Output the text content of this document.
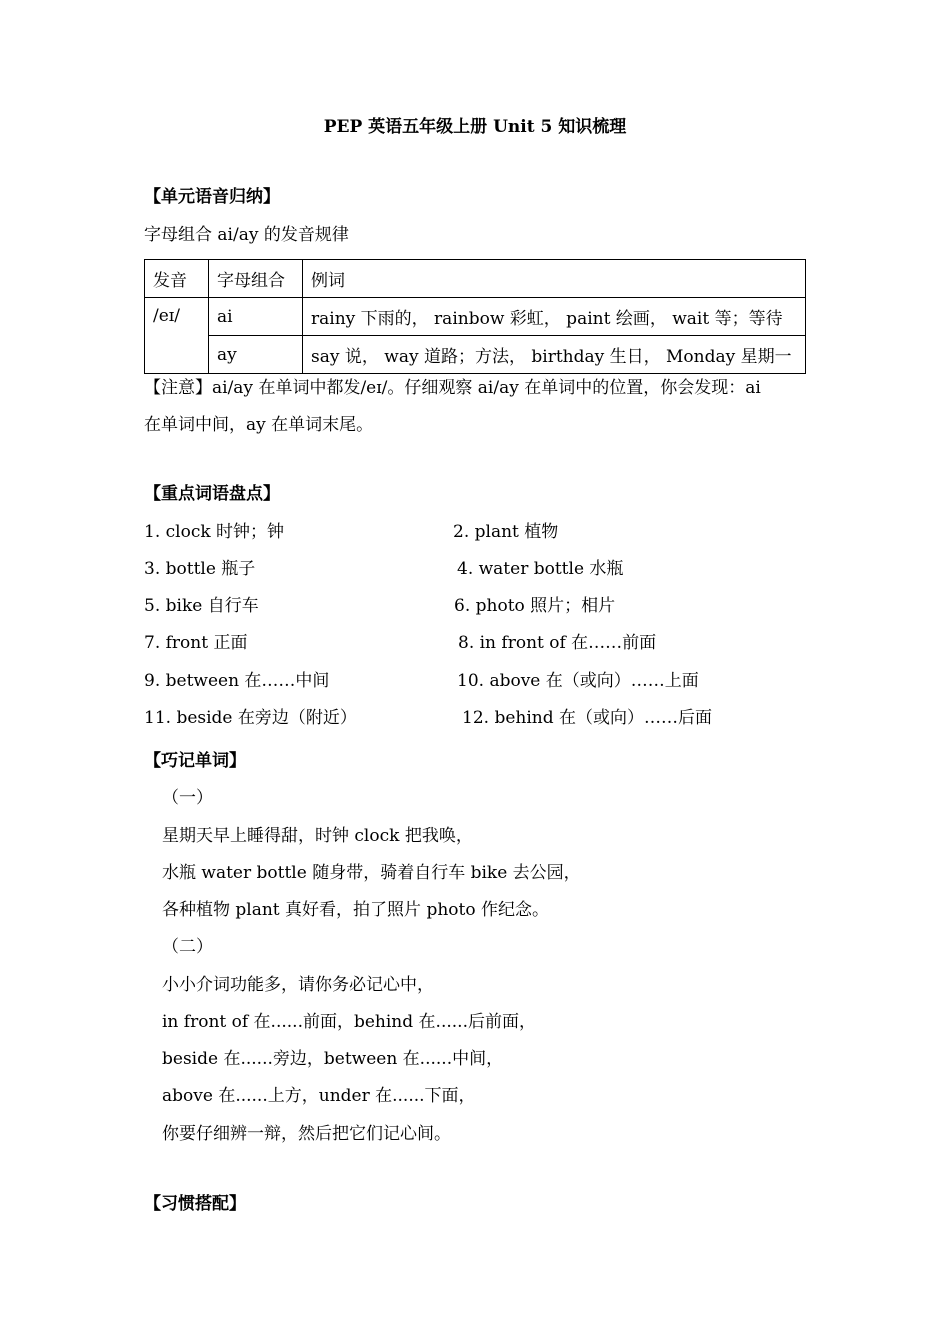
PEP 英语五年级上册 Unit 5 知识梳理
【单元语音归纳】
字母组合 ai/ay 的发音规律
发音	字母组合	例词
/eɪ/	ai	rainy 下雨的， rainbow 彩虹， paint 绘画， wait 等；等待
	ay	say 说， way 道路；方法， birthday 生日， Monday 星期一
【注意】ai/ay 在单词中都发/eɪ/。仔细观察 ai/ay 在单词中的位置，你会发现：ai
在单词中间，ay 在单词末尾。
【重点词语盘点】
1. clock 时钟；钟	2. plant 植物
3. bottle 瓶子	4. water bottle 水瓶
5. bike 自行车	6. photo 照片；相片
7. front 正面	8. in front of 在……前面
9. between 在……中间	10. above 在（或向）……上面
11. beside 在旁边（附近）	12. behind 在（或向）……后面
【巧记单词】
（一）
星期天早上睡得甜，时钟 clock 把我唤，
水瓶 water bottle 随身带，骑着自行车 bike 去公园，
各种植物 plant 真好看，拍了照片 photo 作纪念。
（二）
小小介词功能多，请你务必记心中，
in front of 在......前面，behind 在......后前面，
beside 在......旁边，between 在......中间，
above 在......上方，under 在......下面，
你要仔细辨一辩，然后把它们记心间。
【习惯搭配】
